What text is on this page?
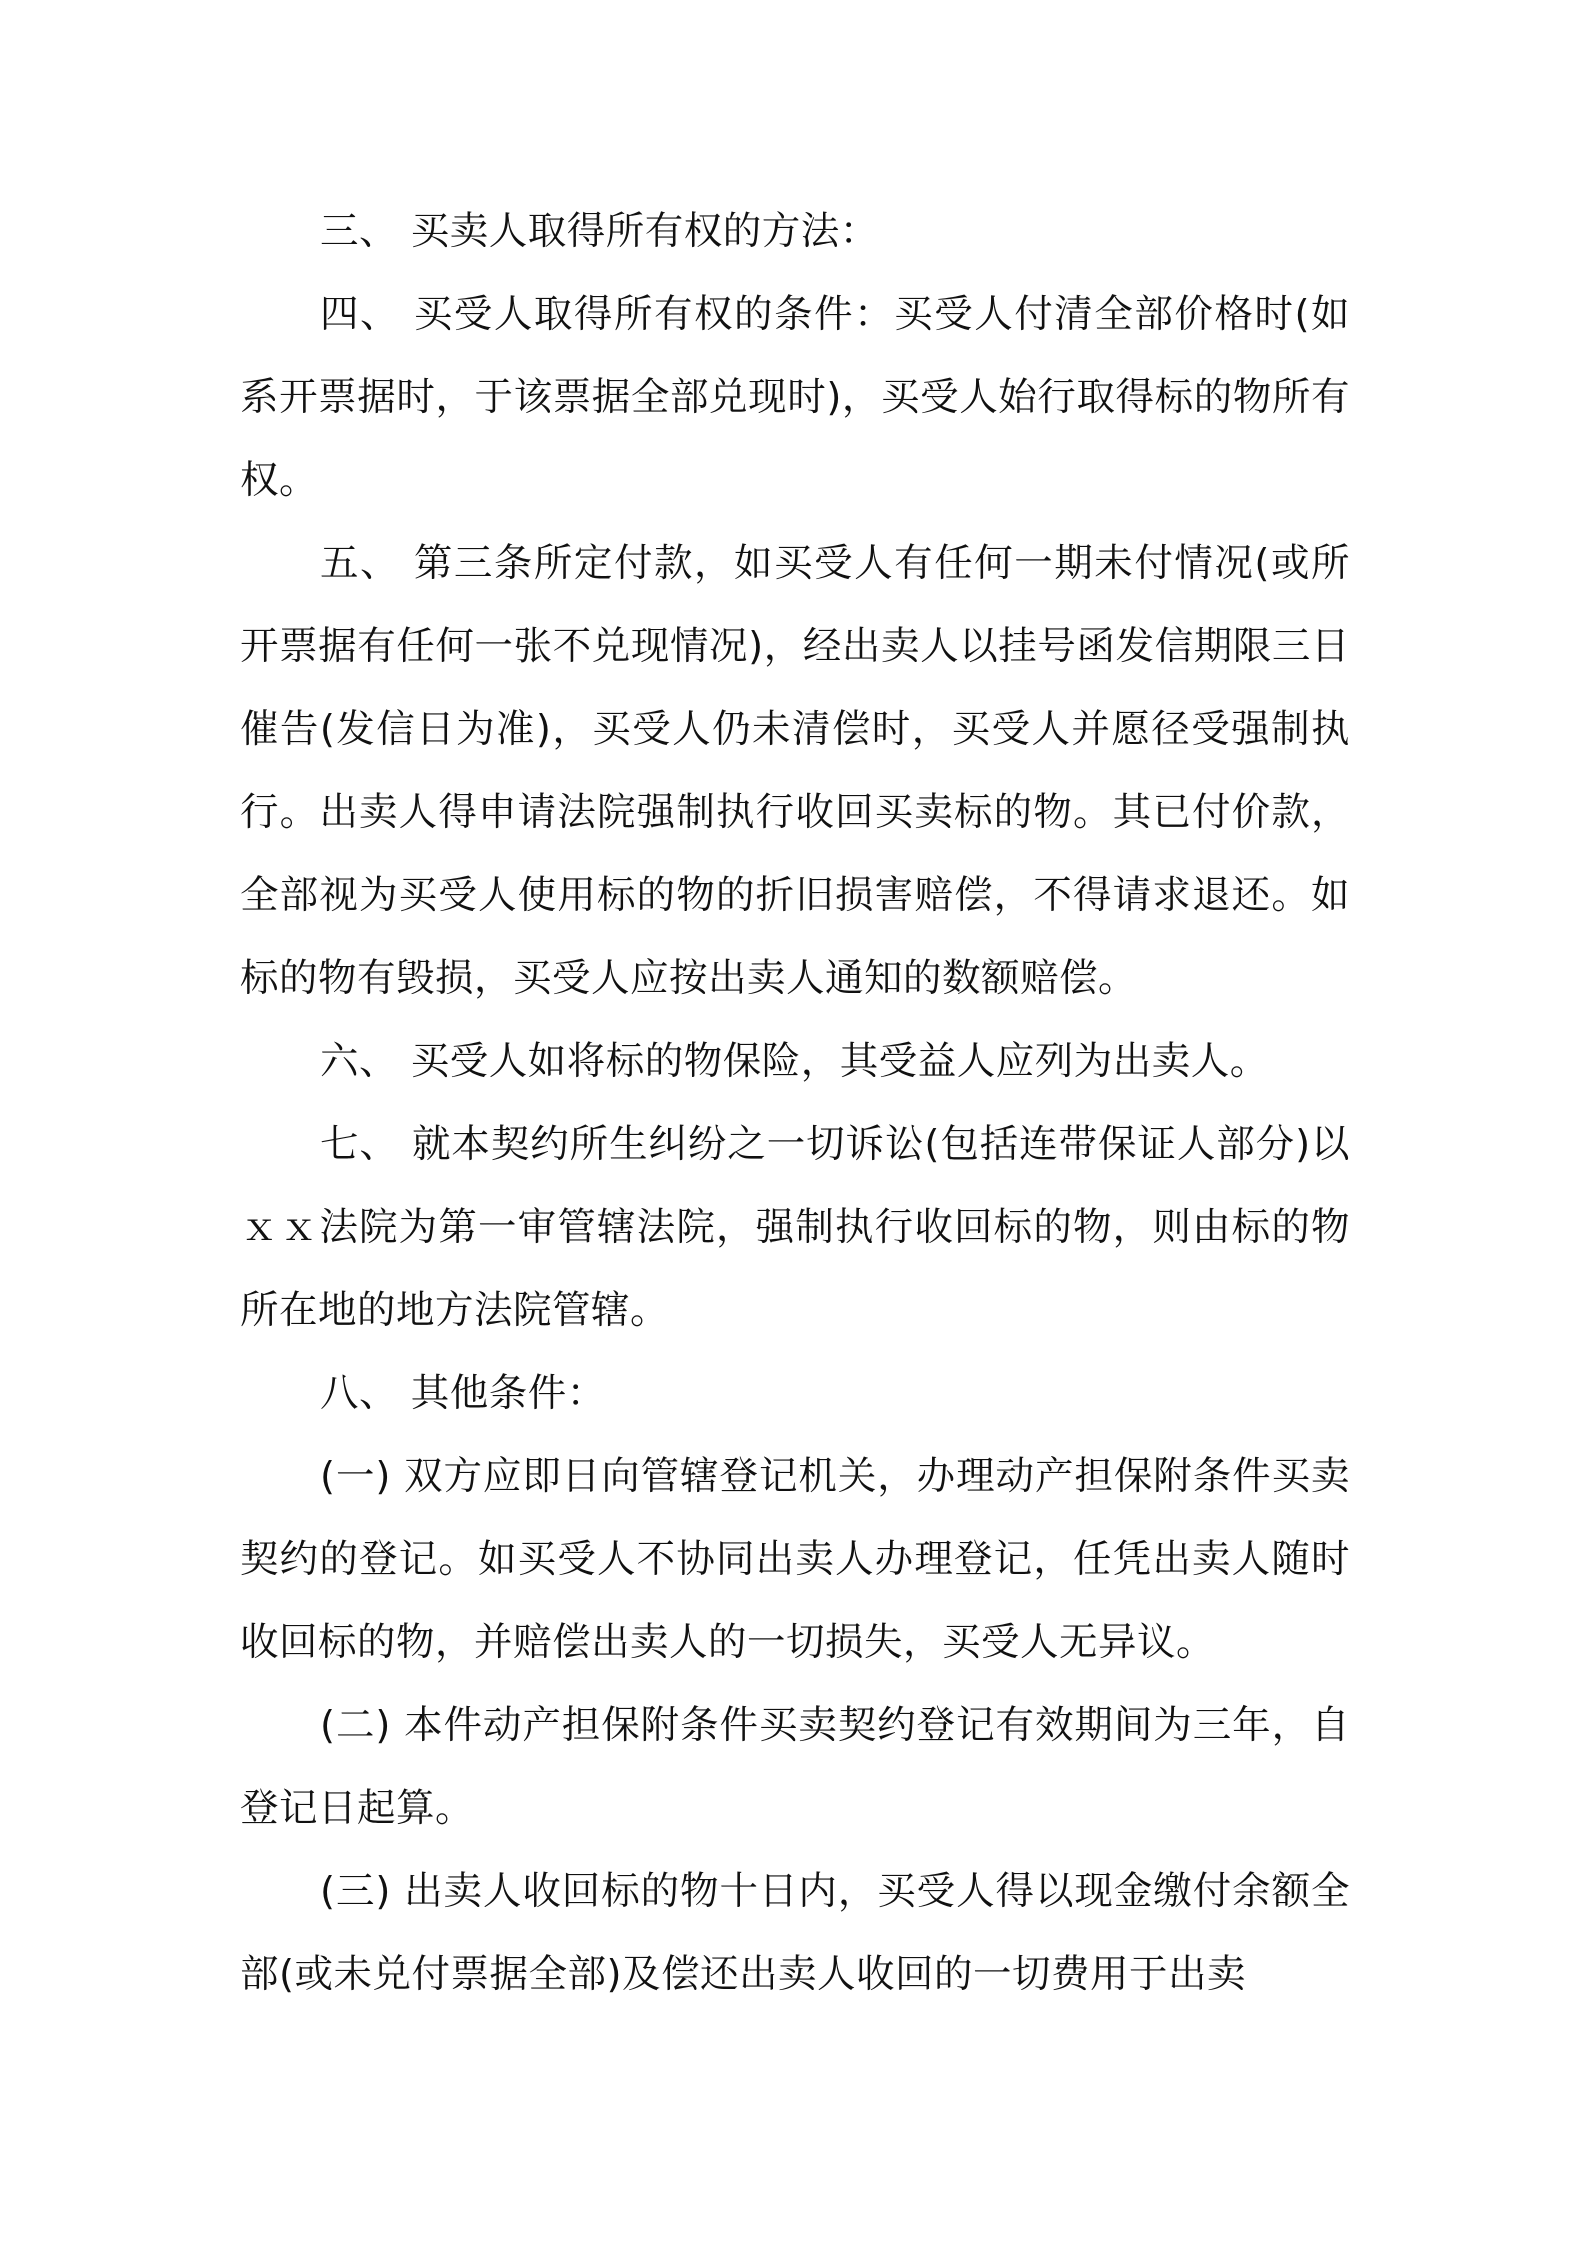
三、 买卖人取得所有权的方法：

四、 买受人取得所有权的条件：买受人付清全部价格时(如系开票据时，于该票据全部兑现时)，买受人始行取得标的物所有权。

五、 第三条所定付款，如买受人有任何一期未付情况(或所开票据有任何一张不兑现情况)，经出卖人以挂号函发信期限三日催告(发信日为准)，买受人仍未清偿时，买受人并愿径受强制执行。出卖人得申请法院强制执行收回买卖标的物。其已付价款，全部视为买受人使用标的物的折旧损害赔偿，不得请求退还。如标的物有毁损，买受人应按出卖人通知的数额赔偿。

六、 买受人如将标的物保险，其受益人应列为出卖人。

七、 就本契约所生纠纷之一切诉讼(包括连带保证人部分)以ｘｘ法院为第一审管辖法院，强制执行收回标的物，则由标的物所在地的地方法院管辖。

八、 其他条件：

(一) 双方应即日向管辖登记机关，办理动产担保附条件买卖契约的登记。如买受人不协同出卖人办理登记，任凭出卖人随时收回标的物，并赔偿出卖人的一切损失，买受人无异议。

(二) 本件动产担保附条件买卖契约登记有效期间为三年，自登记日起算。

(三) 出卖人收回标的物十日内，买受人得以现金缴付余额全部(或未兑付票据全部)及偿还出卖人收回的一切费用于出卖
